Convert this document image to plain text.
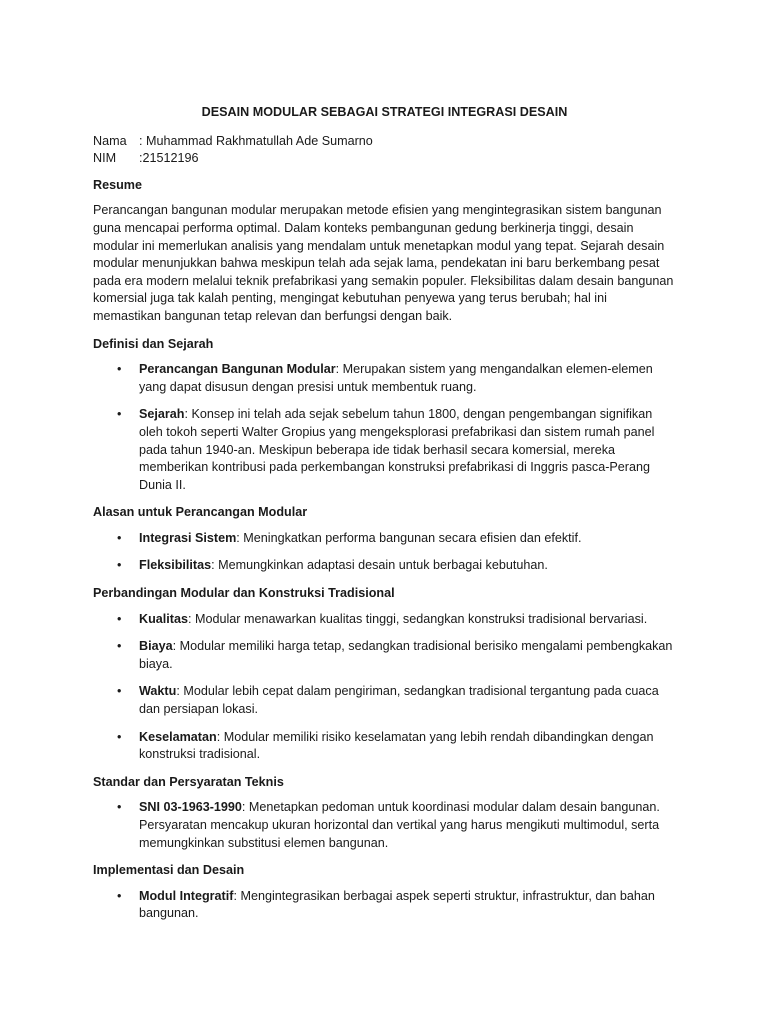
DESAIN MODULAR SEBAGAI STRATEGI INTEGRASI DESAIN
Nama : Muhammad Rakhmatullah Ade Sumarno
NIM	:21512196
Resume
Perancangan bangunan modular merupakan metode efisien yang mengintegrasikan sistem bangunan guna mencapai performa optimal. Dalam konteks pembangunan gedung berkinerja tinggi, desain modular ini memerlukan analisis yang mendalam untuk menetapkan modul yang tepat. Sejarah desain modular menunjukkan bahwa meskipun telah ada sejak lama, pendekatan ini baru berkembang pesat pada era modern melalui teknik prefabrikasi yang semakin populer. Fleksibilitas dalam desain bangunan komersial juga tak kalah penting, mengingat kebutuhan penyewa yang terus berubah; hal ini memastikan bangunan tetap relevan dan berfungsi dengan baik.
Definisi dan Sejarah
• Perancangan Bangunan Modular: Merupakan sistem yang mengandalkan elemen-elemen yang dapat disusun dengan presisi untuk membentuk ruang.
• Sejarah: Konsep ini telah ada sejak sebelum tahun 1800, dengan pengembangan signifikan oleh tokoh seperti Walter Gropius yang mengeksplorasi prefabrikasi dan sistem rumah panel pada tahun 1940-an. Meskipun beberapa ide tidak berhasil secara komersial, mereka memberikan kontribusi pada perkembangan konstruksi prefabrikasi di Inggris pasca-Perang Dunia II.
Alasan untuk Perancangan Modular
• Integrasi Sistem: Meningkatkan performa bangunan secara efisien dan efektif.
• Fleksibilitas: Memungkinkan adaptasi desain untuk berbagai kebutuhan.
Perbandingan Modular dan Konstruksi Tradisional
• Kualitas: Modular menawarkan kualitas tinggi, sedangkan konstruksi tradisional bervariasi.
• Biaya: Modular memiliki harga tetap, sedangkan tradisional berisiko mengalami pembengkakan biaya.
• Waktu: Modular lebih cepat dalam pengiriman, sedangkan tradisional tergantung pada cuaca dan persiapan lokasi.
• Keselamatan: Modular memiliki risiko keselamatan yang lebih rendah dibandingkan dengan konstruksi tradisional.
Standar dan Persyaratan Teknis
• SNI 03-1963-1990: Menetapkan pedoman untuk koordinasi modular dalam desain bangunan. Persyaratan mencakup ukuran horizontal dan vertikal yang harus mengikuti multimodul, serta memungkinkan substitusi elemen bangunan.
Implementasi dan Desain
• Modul Integratif: Mengintegrasikan berbagai aspek seperti struktur, infrastruktur, dan bahan bangunan.
